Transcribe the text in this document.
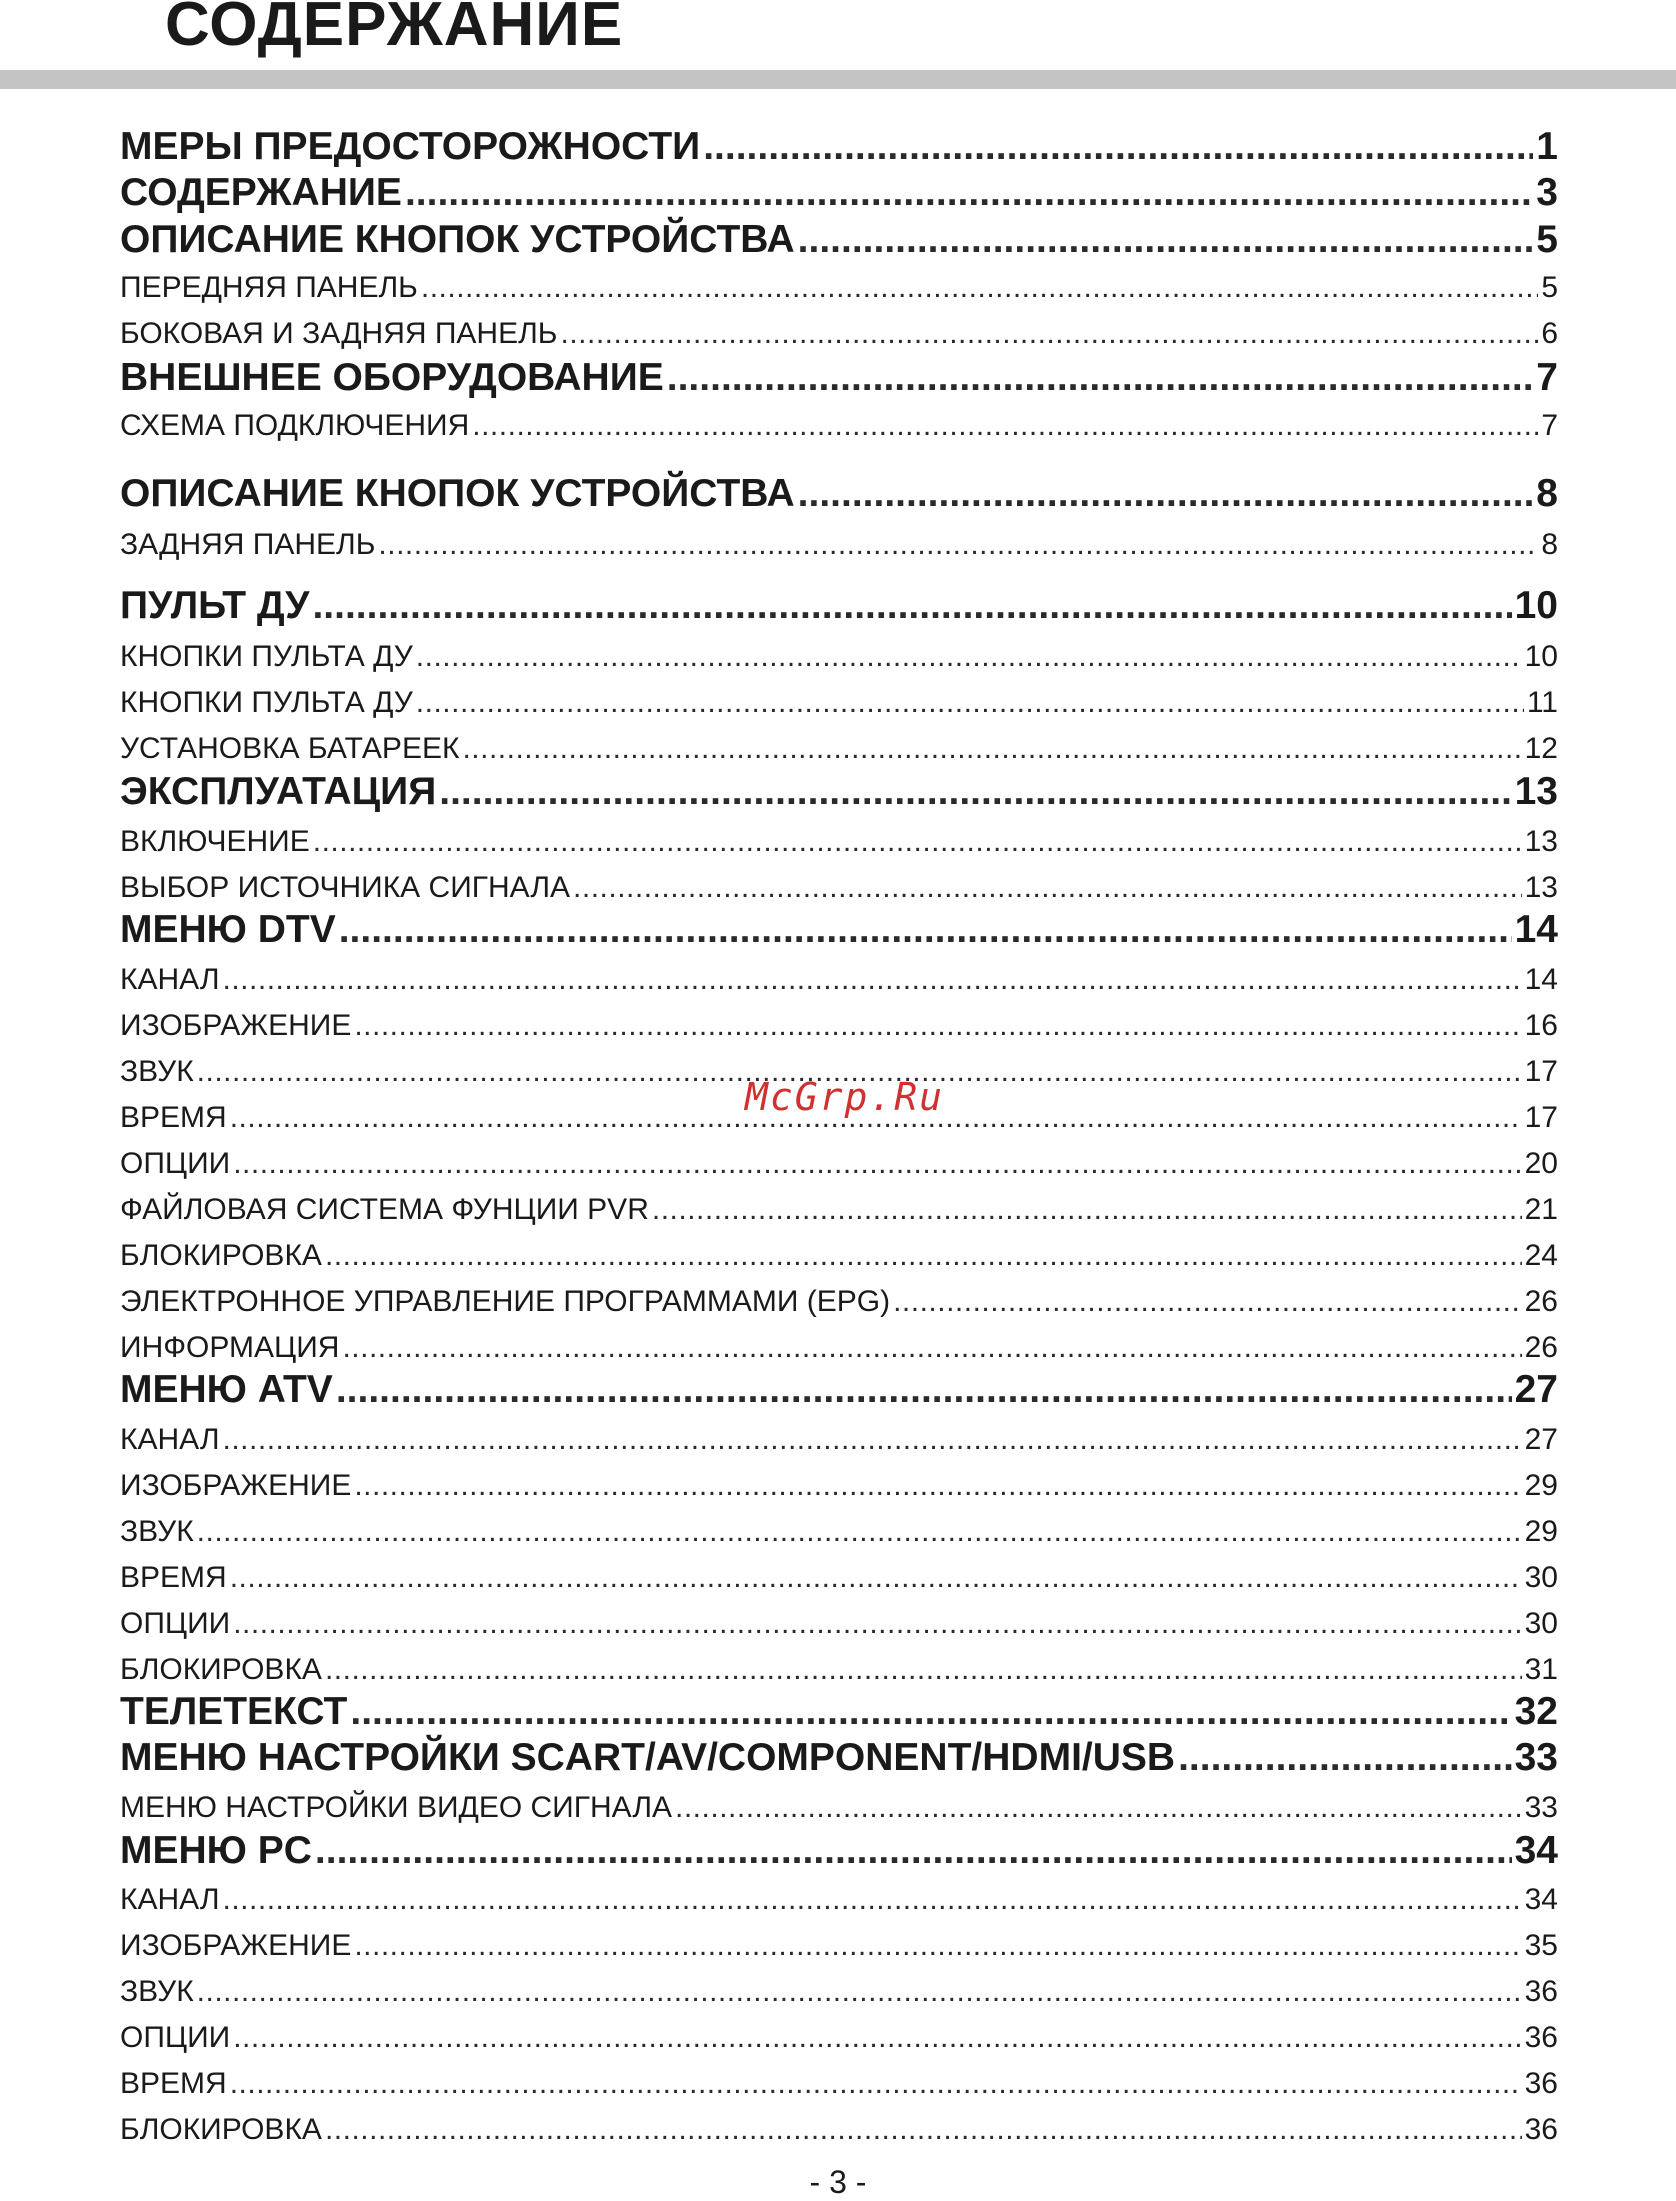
СОДЕРЖАНИЕ
МЕРЫ ПРЕДОСТОРОЖНОСТИ .....	1
СОДЕРЖАНИЕ .....	3
ОПИСАНИЕ КНОПОК УСТРОЙСТВА .....	5
ПЕРЕДНЯЯ ПАНЕЛЬ .....	5
БОКОВАЯ И ЗАДНЯЯ ПАНЕЛЬ .....	6
ВНЕШНЕЕ ОБОРУДОВАНИЕ .....	7
СХЕМА ПОДКЛЮЧЕНИЯ .....	7
ОПИСАНИЕ КНОПОК УСТРОЙСТВА .....	8
ЗАДНЯЯ ПАНЕЛЬ .....	8
ПУЛЬТ ДУ .....	10
КНОПКИ ПУЛЬТА ДУ .....	10
КНОПКИ ПУЛЬТА ДУ .....	11
УСТАНОВКА БАТАРЕЕК .....	12
ЭКСПЛУАТАЦИЯ .....	13
ВКЛЮЧЕНИЕ .....	13
ВЫБОР ИСТОЧНИКА СИГНАЛА .....	13
МЕНЮ DTV .....	14
КАНАЛ .....	14
ИЗОБРАЖЕНИЕ .....	16
ЗВУК .....	17
ВРЕМЯ .....	17
ОПЦИИ .....	20
ФАЙЛОВАЯ СИСТЕМА ФУНЦИИ PVR .....	21
БЛОКИРОВКА .....	24
ЭЛЕКТРОННОЕ УПРАВЛЕНИЕ ПРОГРАММАМИ (EPG) .....	26
ИНФОРМАЦИЯ .....	26
МЕНЮ ATV .....	27
КАНАЛ .....	27
ИЗОБРАЖЕНИЕ .....	29
ЗВУК .....	29
ВРЕМЯ .....	30
ОПЦИИ .....	30
БЛОКИРОВКА .....	31
ТЕЛЕТЕКСТ .....	32
МЕНЮ НАСТРОЙКИ SCART/AV/COMPONENT/HDMI/USB .....	33
МЕНЮ НАСТРОЙКИ ВИДЕО СИГНАЛА .....	33
МЕНЮ PC .....	34
КАНАЛ .....	34
ИЗОБРАЖЕНИЕ .....	35
ЗВУК .....	36
ОПЦИИ .....	36
ВРЕМЯ .....	36
БЛОКИРОВКА .....	36
McGrp.Ru
- 3 -
